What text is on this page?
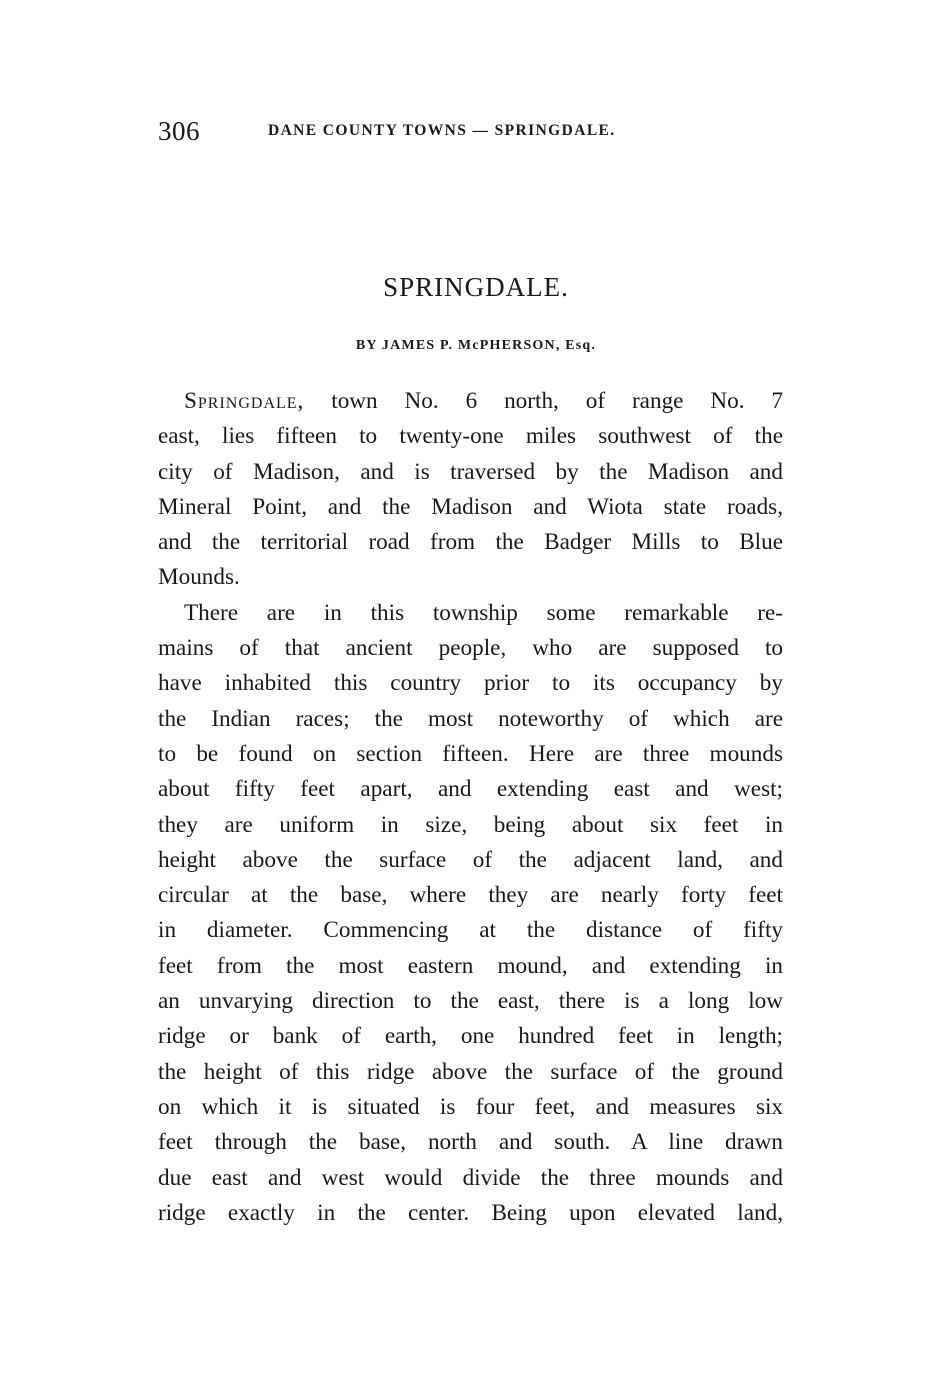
306	DANE COUNTY TOWNS — SPRINGDALE.
SPRINGDALE.
BY JAMES P. McPHERSON, Esq.
Springdale, town No. 6 north, of range No. 7
east, lies fifteen to twenty-one miles southwest of the
city of Madison, and is traversed by the Madison and
Mineral Point, and the Madison and Wiota state roads,
and the territorial road from the Badger Mills to Blue
Mounds.
There are in this township some remarkable re-
mains of that ancient people, who are supposed to
have inhabited this country prior to its occupancy by
the Indian races; the most noteworthy of which are
to be found on section fifteen. Here are three mounds
about fifty feet apart, and extending east and west;
they are uniform in size, being about six feet in
height above the surface of the adjacent land, and
circular at the base, where they are nearly forty feet
in diameter. Commencing at the distance of fifty
feet from the most eastern mound, and extending in
an unvarying direction to the east, there is a long low
ridge or bank of earth, one hundred feet in length;
the height of this ridge above the surface of the ground
on which it is situated is four feet, and measures six
feet through the base, north and south. A line drawn
due east and west would divide the three mounds and
ridge exactly in the center. Being upon elevated land,
